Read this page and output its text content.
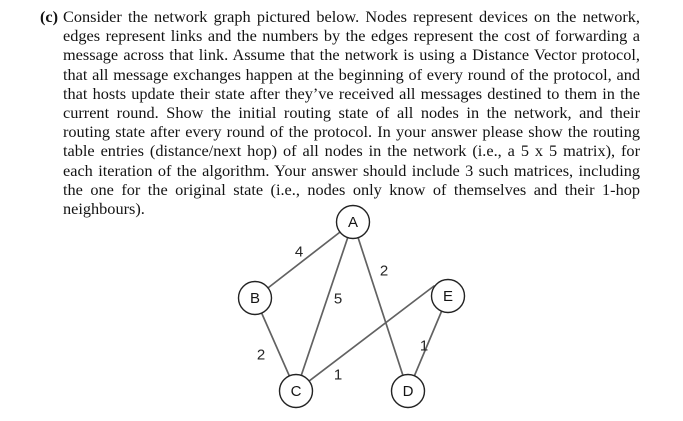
(c) Consider the network graph pictured below. Nodes represent devices on the network, edges represent links and the numbers by the edges represent the cost of forwarding a message across that link. Assume that the network is using a Distance Vector protocol, that all message exchanges happen at the beginning of every round of the protocol, and that hosts update their state after they’ve received all messages destined to them in the current round. Show the initial routing state of all nodes in the network, and their routing state after every round of the protocol. In your answer please show the routing table entries (distance/next hop) of all nodes in the network (i.e., a 5 x 5 matrix), for each iteration of the algorithm. Your answer should include 3 such matrices, including the one for the original state (i.e., nodes only know of themselves and their 1-hop neighbours).

A
B
C	D
E
4
5
2
2
1
1
